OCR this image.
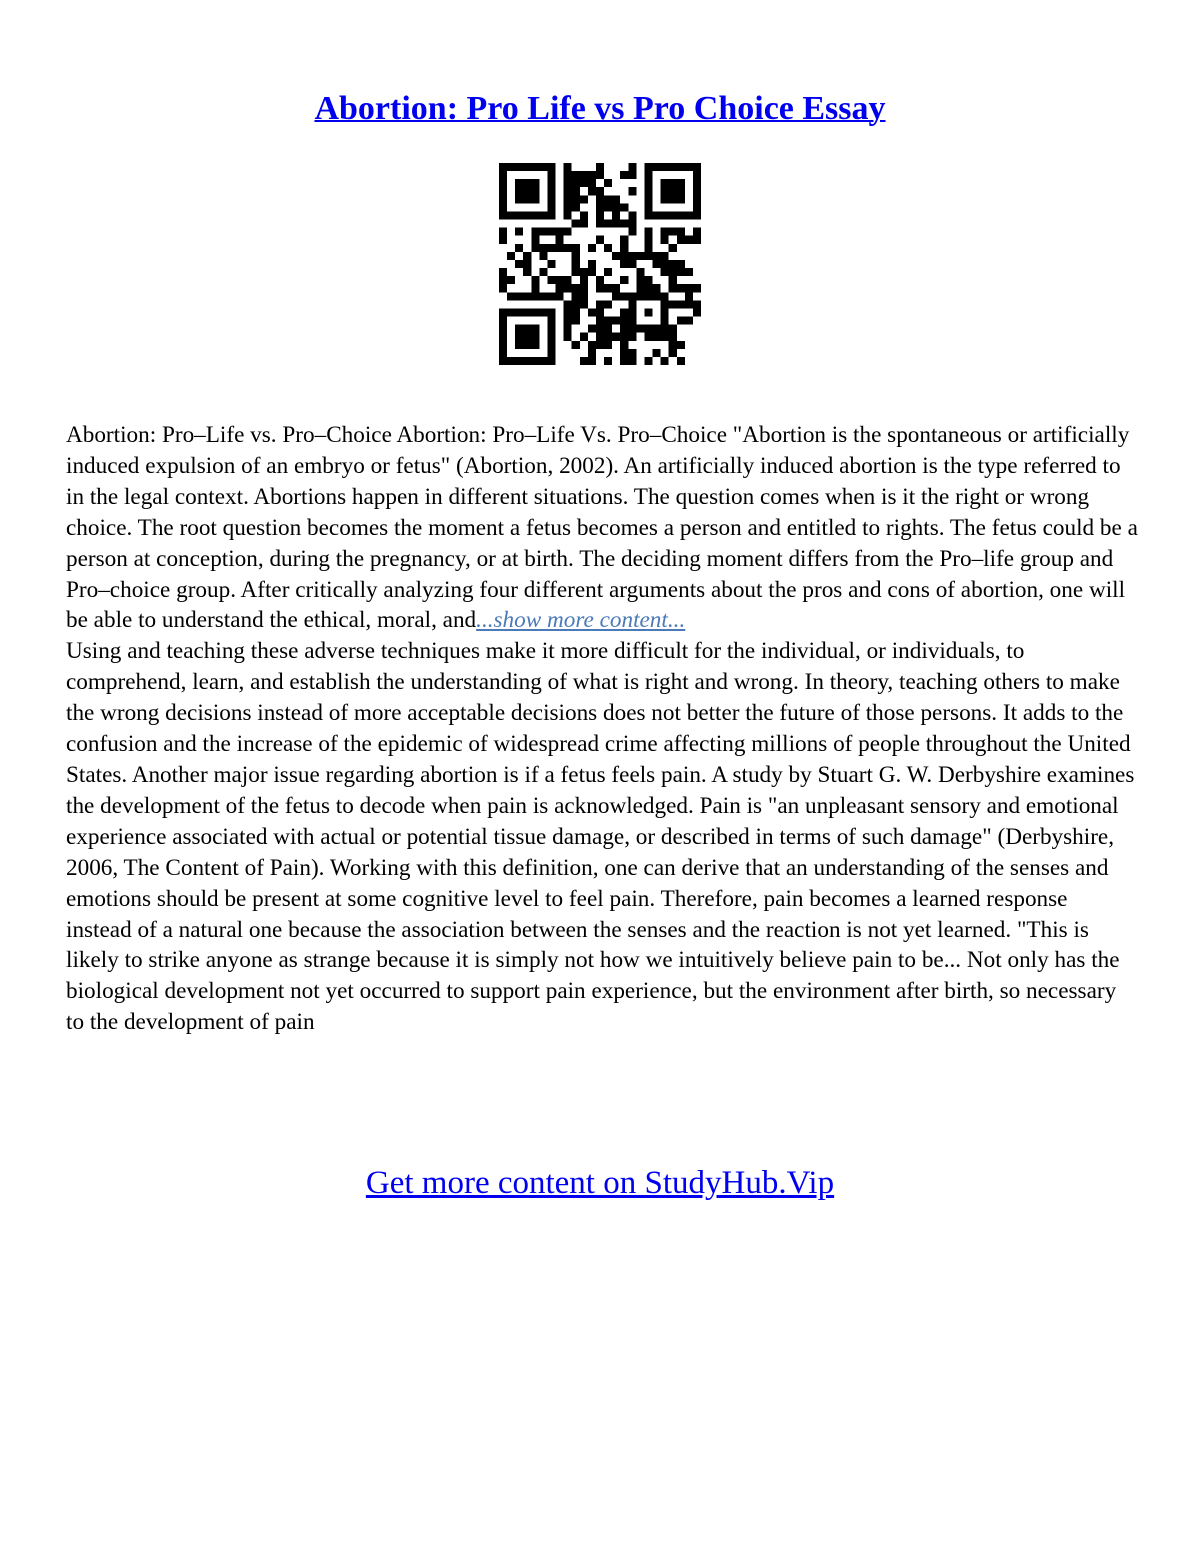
Abortion: Pro Life vs Pro Choice Essay

Abortion: Pro–Life vs. Pro–Choice Abortion: Pro–Life Vs. Pro–Choice "Abortion is the spontaneous or artificially induced expulsion of an embryo or fetus" (Abortion, 2002). An artificially induced abortion is the type referred to in the legal context. Abortions happen in different situations. The question comes when is it the right or wrong choice. The root question becomes the moment a fetus becomes a person and entitled to rights. The fetus could be a person at conception, during the pregnancy, or at birth. The deciding moment differs from the Pro–life group and Pro–choice group. After critically analyzing four different arguments about the pros and cons of abortion, one will be able to understand the ethical, moral, and...show more content...

Using and teaching these adverse techniques make it more difficult for the individual, or individuals, to comprehend, learn, and establish the understanding of what is right and wrong. In theory, teaching others to make the wrong decisions instead of more acceptable decisions does not better the future of those persons. It adds to the confusion and the increase of the epidemic of widespread crime affecting millions of people throughout the United States. Another major issue regarding abortion is if a fetus feels pain. A study by Stuart G. W. Derbyshire examines the development of the fetus to decode when pain is acknowledged. Pain is "an unpleasant sensory and emotional experience associated with actual or potential tissue damage, or described in terms of such damage" (Derbyshire, 2006, The Content of Pain). Working with this definition, one can derive that an understanding of the senses and emotions should be present at some cognitive level to feel pain. Therefore, pain becomes a learned response instead of a natural one because the association between the senses and the reaction is not yet learned. "This is likely to strike anyone as strange because it is simply not how we intuitively believe pain to be... Not only has the biological development not yet occurred to support pain experience, but the environment after birth, so necessary to the development of pain

Get more content on StudyHub.Vip
